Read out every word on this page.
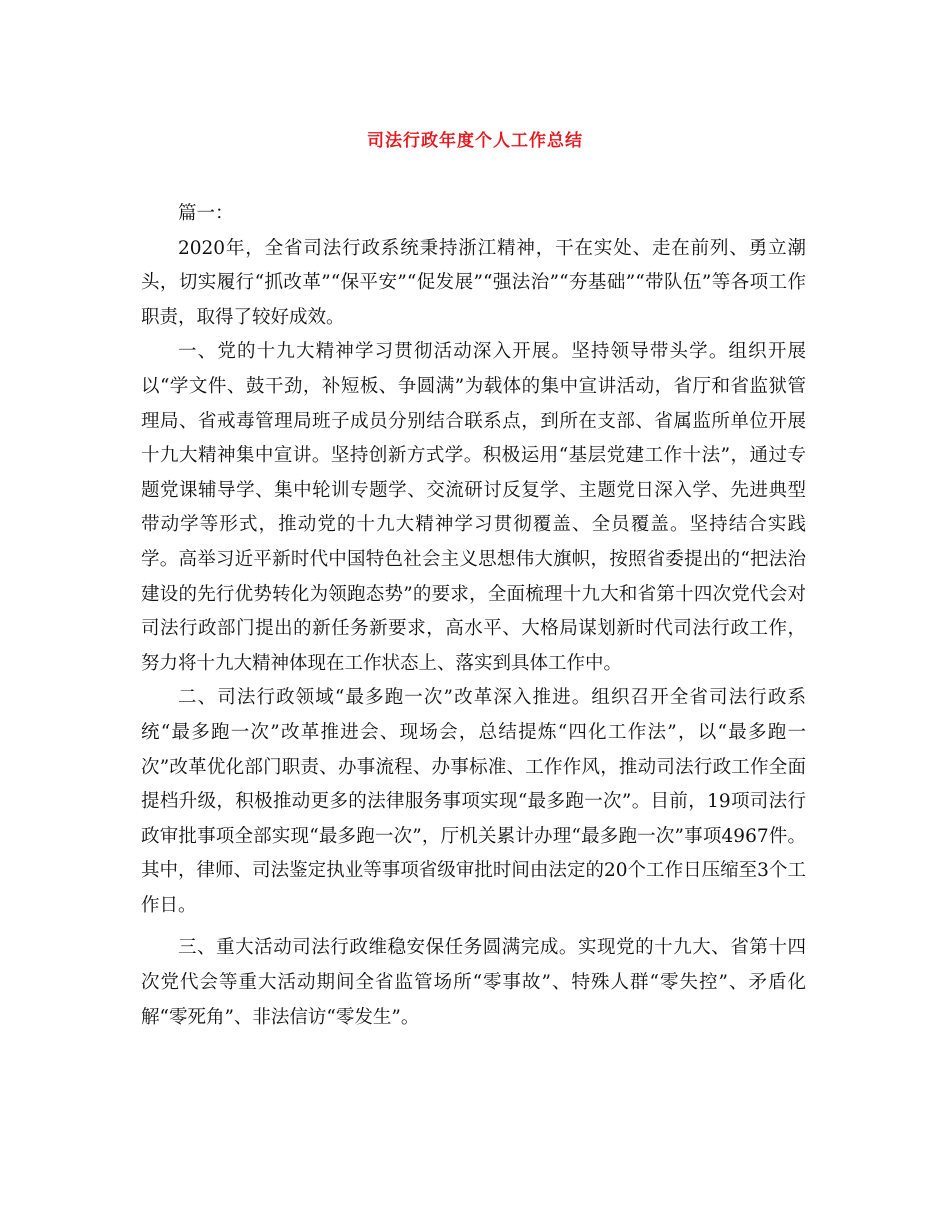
司法行政年度个人工作总结

篇一：

2020年，全省司法行政系统秉持浙江精神，干在实处、走在前列、勇立潮头，切实履行“抓改革”“保平安”“促发展”“强法治”“夯基础”“带队伍”等各项工作职责，取得了较好成效。

一、党的十九大精神学习贯彻活动深入开展。坚持领导带头学。组织开展以“学文件、鼓干劲，补短板、争圆满”为载体的集中宣讲活动，省厅和省监狱管理局、省戒毒管理局班子成员分别结合联系点，到所在支部、省属监所单位开展十九大精神集中宣讲。坚持创新方式学。积极运用“基层党建工作十法”，通过专题党课辅导学、集中轮训专题学、交流研讨反复学、主题党日深入学、先进典型带动学等形式，推动党的十九大精神学习贯彻覆盖、全员覆盖。坚持结合实践学。高举习近平新时代中国特色社会主义思想伟大旗帜，按照省委提出的“把法治建设的先行优势转化为领跑态势”的要求，全面梳理十九大和省第十四次党代会对司法行政部门提出的新任务新要求，高水平、大格局谋划新时代司法行政工作，努力将十九大精神体现在工作状态上、落实到具体工作中。

二、司法行政领域“最多跑一次”改革深入推进。组织召开全省司法行政系统“最多跑一次”改革推进会、现场会，总结提炼“四化工作法”，以“最多跑一次”改革优化部门职责、办事流程、办事标准、工作作风，推动司法行政工作全面提档升级，积极推动更多的法律服务事项实现“最多跑一次”。目前，19项司法行政审批事项全部实现“最多跑一次”，厅机关累计办理“最多跑一次”事项4967件。其中，律师、司法鉴定执业等事项省级审批时间由法定的20个工作日压缩至3个工作日。

三、重大活动司法行政维稳安保任务圆满完成。实现党的十九大、省第十四次党代会等重大活动期间全省监管场所“零事故”、特殊人群“零失控”、矛盾化解“零死角”、非法信访“零发生”。
